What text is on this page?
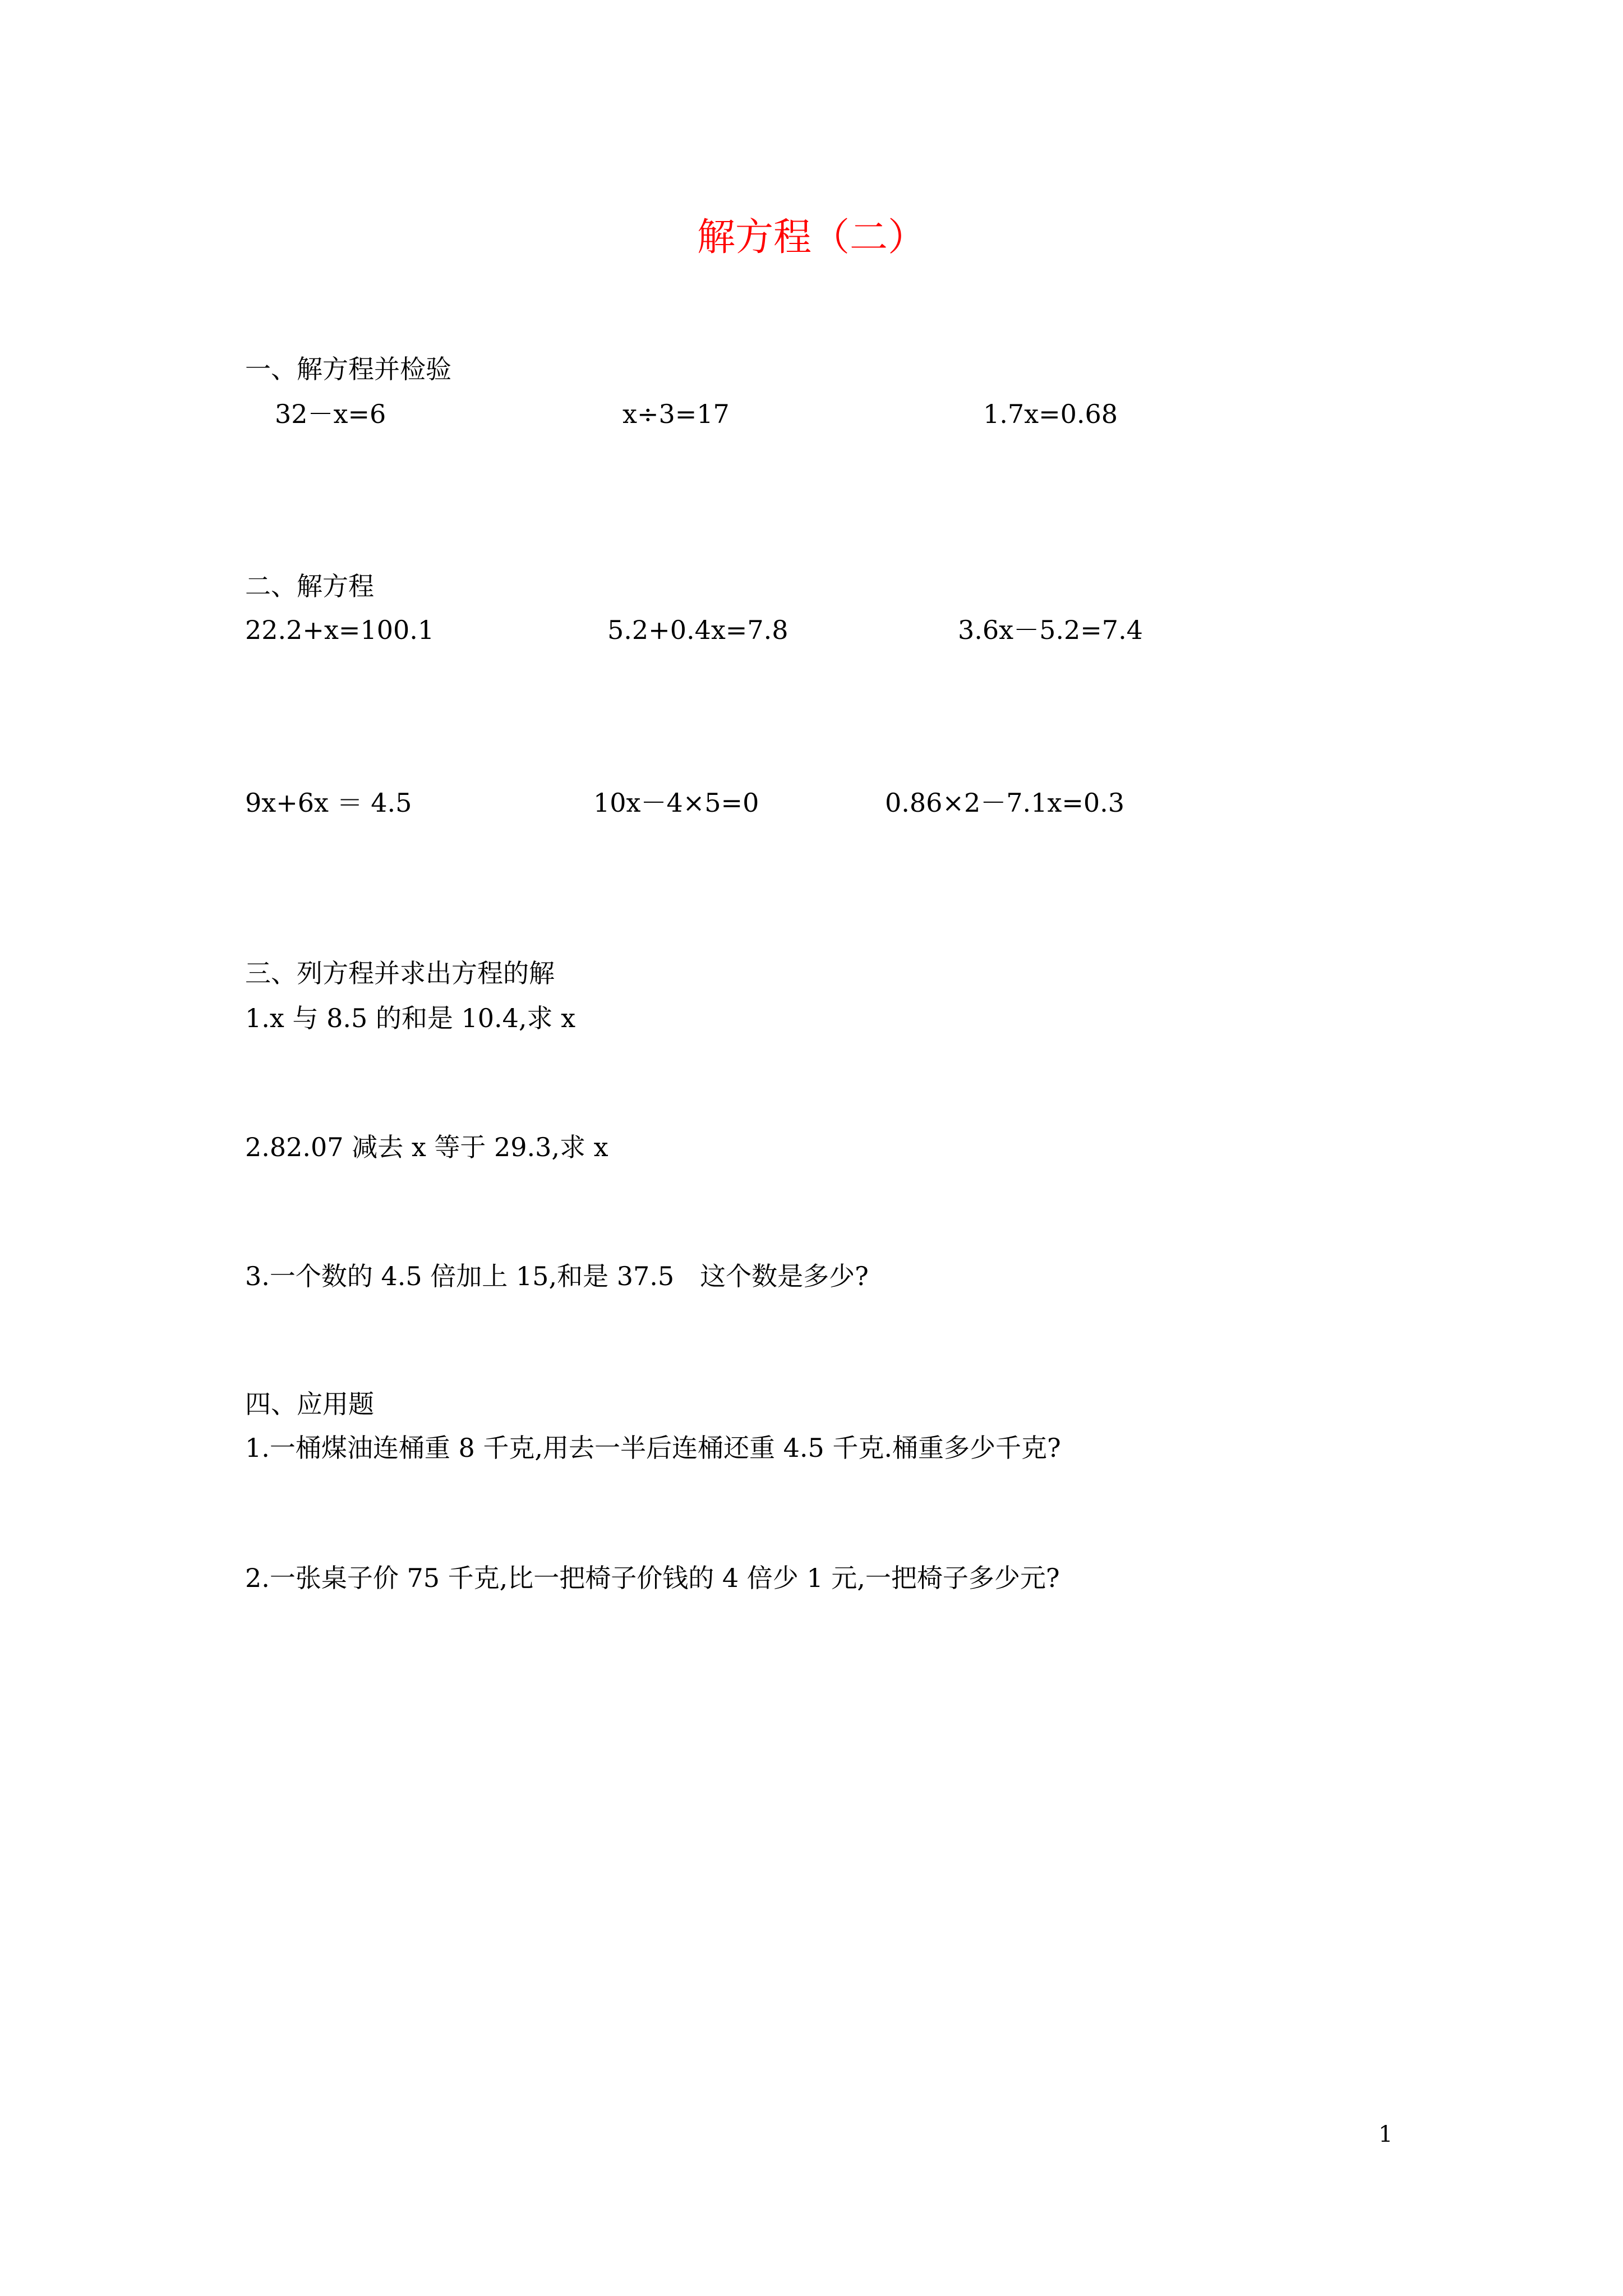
解方程（二）
一、解方程并检验
32－x=6	x÷3=17	1.7x=0.68
二、解方程
22.2+x=100.1	5.2+0.4x=7.8	3.6x－5.2=7.4
9x+6x ＝ 4.5	10x－4×5=0	0.86×2－7.1x=0.3
三、列方程并求出方程的解
1.x 与 8.5 的和是 10.4,求 x
2.82.07 减去 x 等于 29.3,求 x
3.一个数的 4.5 倍加上 15,和是 37.5　这个数是多少?
四、应用题
1.一桶煤油连桶重 8 千克,用去一半后连桶还重 4.5 千克.桶重多少千克?
2.一张桌子价 75 千克,比一把椅子价钱的 4 倍少 1 元,一把椅子多少元?
1
